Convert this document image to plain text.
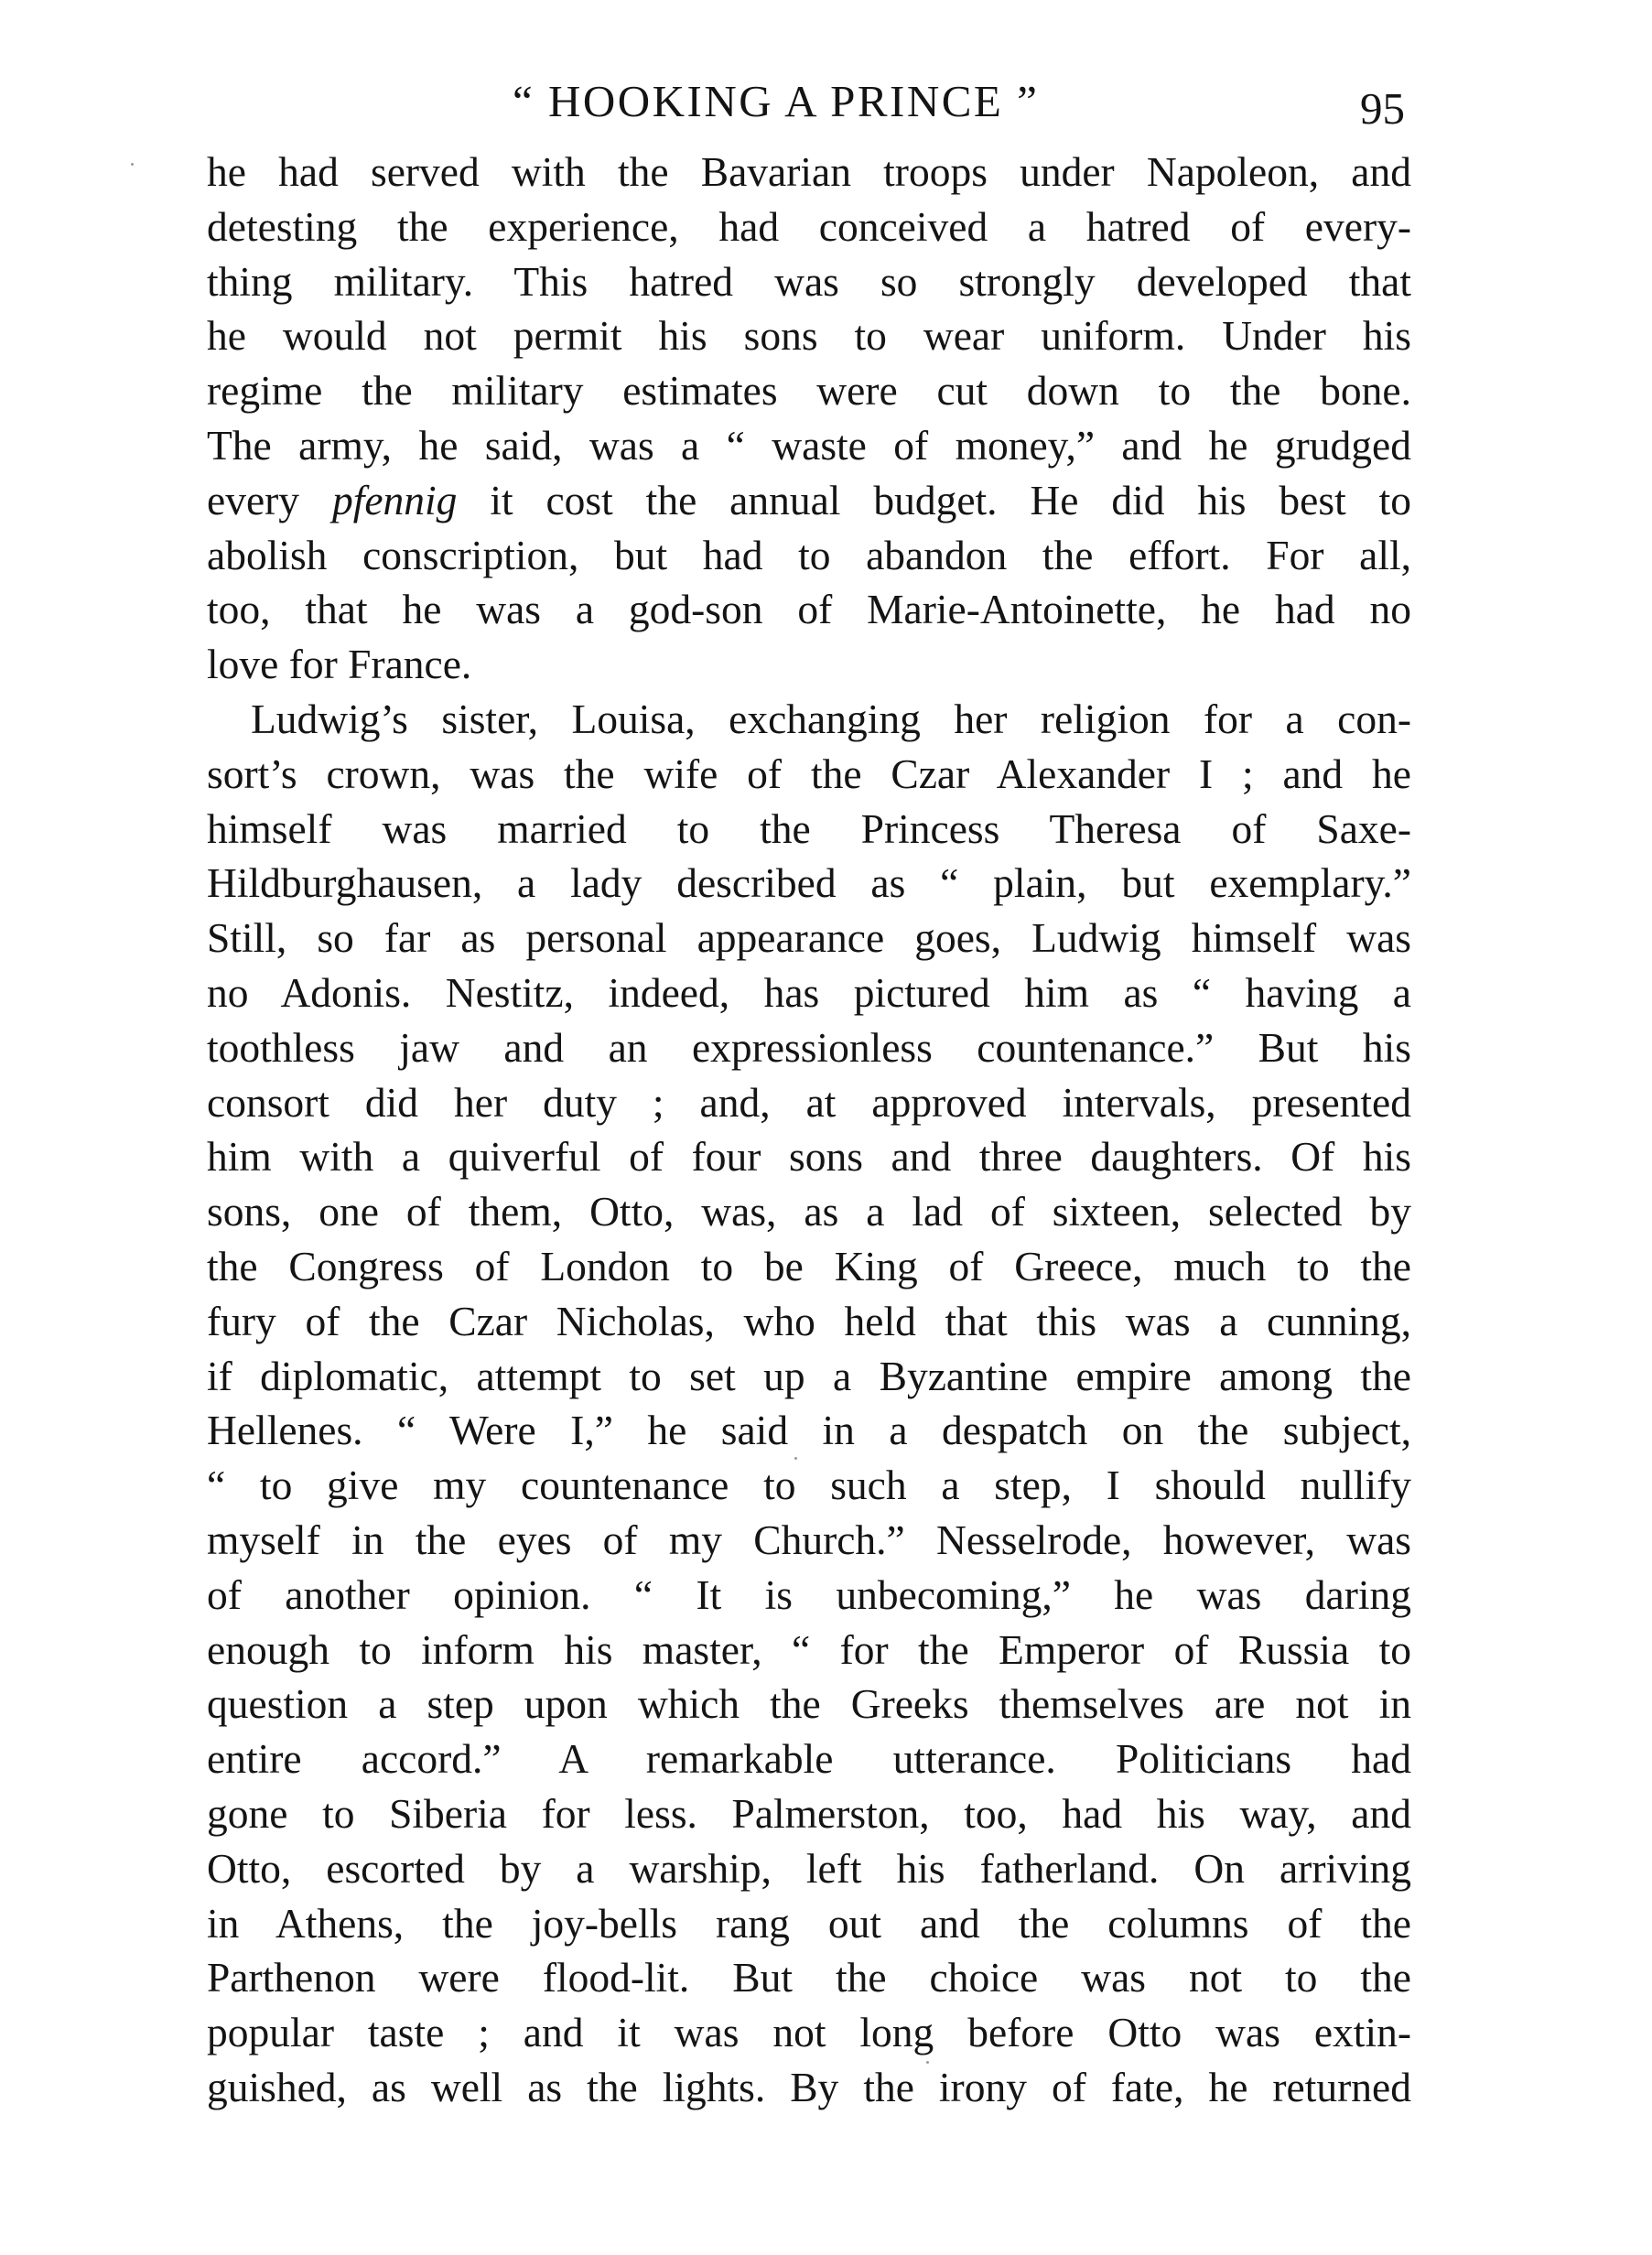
“ HOOKING A PRINCE ”	95
he had served with the Bavarian troops under Napoleon, and
detesting the experience, had conceived a hatred of every-
thing military. This hatred was so strongly developed that
he would not permit his sons to wear uniform. Under his
regime the military estimates were cut down to the bone.
The army, he said, was a “ waste of money,” and he grudged
every pfennig it cost the annual budget. He did his best to
abolish conscription, but had to abandon the effort. For all,
too, that he was a god-son of Marie-Antoinette, he had no
love for France.
Ludwig’s sister, Louisa, exchanging her religion for a con-
sort’s crown, was the wife of the Czar Alexander I ; and he
himself was married to the Princess Theresa of Saxe-
Hildburghausen, a lady described as “ plain, but exemplary.”
Still, so far as personal appearance goes, Ludwig himself was
no Adonis. Nestitz, indeed, has pictured him as “ having a
toothless jaw and an expressionless countenance.” But his
consort did her duty ; and, at approved intervals, presented
him with a quiverful of four sons and three daughters. Of his
sons, one of them, Otto, was, as a lad of sixteen, selected by
the Congress of London to be King of Greece, much to the
fury of the Czar Nicholas, who held that this was a cunning,
if diplomatic, attempt to set up a Byzantine empire among the
Hellenes. “ Were I,” he said in a despatch on the subject,
“ to give my countenance to such a step, I should nullify
myself in the eyes of my Church.” Nesselrode, however, was
of another opinion. “ It is unbecoming,” he was daring
enough to inform his master, “ for the Emperor of Russia to
question a step upon which the Greeks themselves are not in
entire accord.” A remarkable utterance. Politicians had
gone to Siberia for less. Palmerston, too, had his way, and
Otto, escorted by a warship, left his fatherland. On arriving
in Athens, the joy-bells rang out and the columns of the
Parthenon were flood-lit. But the choice was not to the
popular taste ; and it was not long before Otto was extin-
guished, as well as the lights. By the irony of fate, he returned
